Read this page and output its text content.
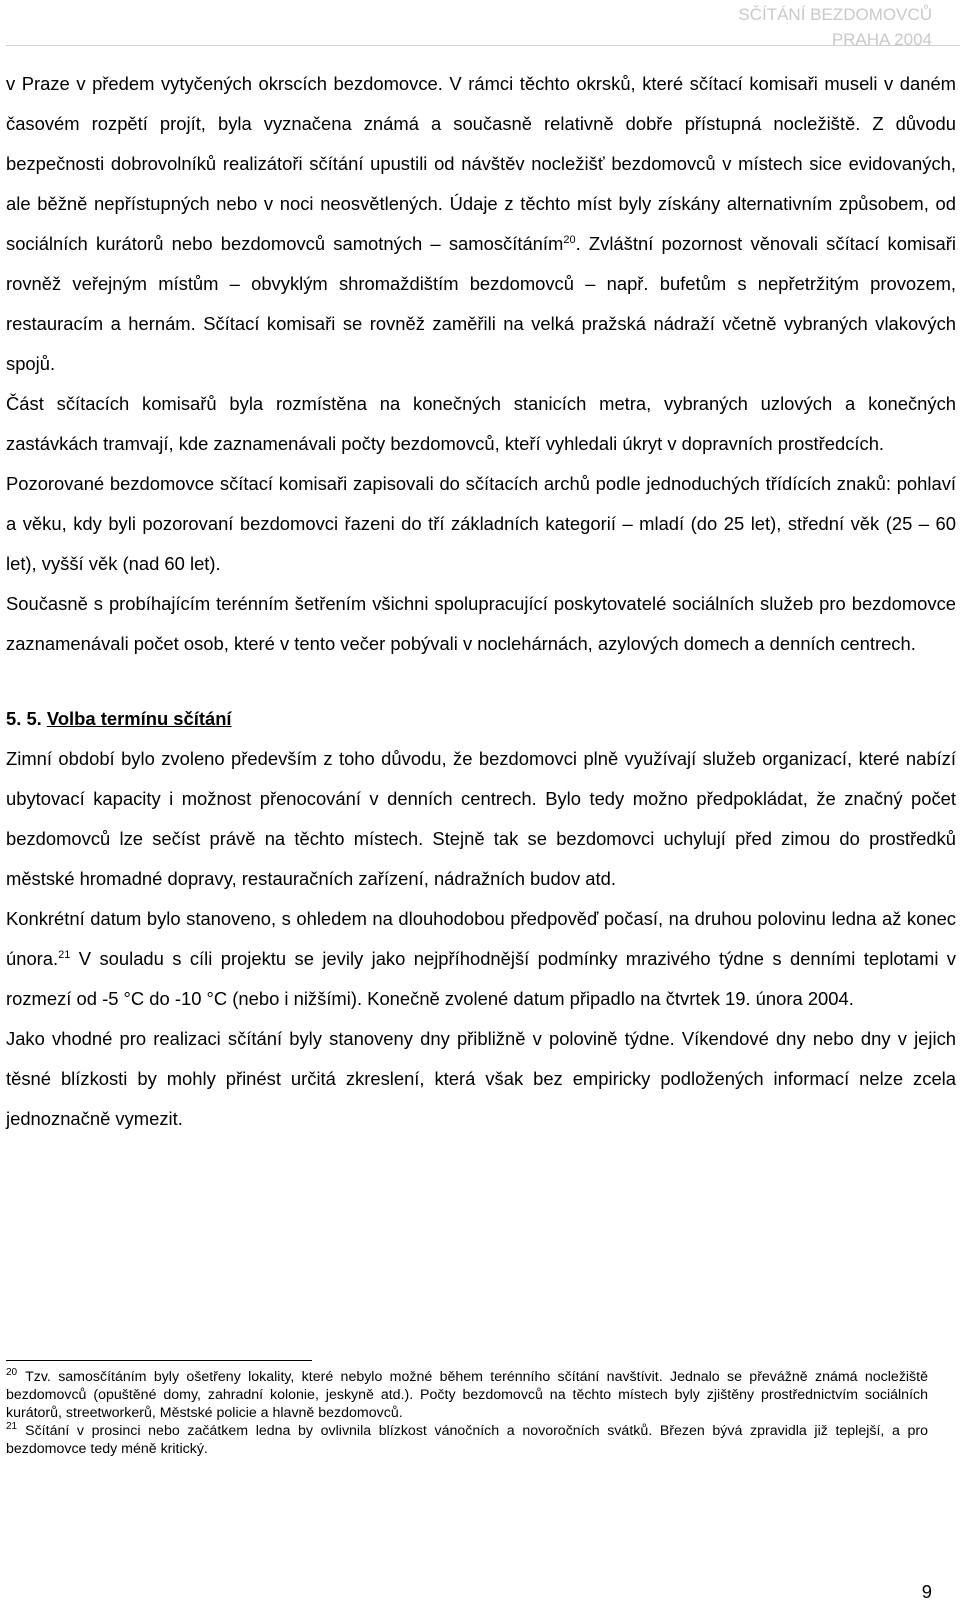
SČÍTÁNÍ BEZDOMOVCŮ
PRAHA 2004

v Praze v předem vytyčených okrscích bezdomovce. V rámci těchto okrsků, které sčítací komisaři museli v daném časovém rozpětí projít, byla vyznačena známá a současně relativně dobře přístupná nocležiště. Z důvodu bezpečnosti dobrovolníků realizátoři sčítání upustili od návštěv nocležišť bezdomovců v místech sice evidovaných, ale běžně nepřístupných nebo v noci neosvětlených. Údaje z těchto míst byly získány alternativním způsobem, od sociálních kurátorů nebo bezdomovců samotných – samosčítáním$^{20}$. Zvláštní pozornost věnovali sčítací komisaři rovněž veřejným místům – obvyklým shromaždištím bezdomovců – např. bufetům s nepřetržitým provozem, restauracím a hernám. Sčítací komisaři se rovněž zaměřili na velká pražská nádraží včetně vybraných vlakových spojů.

Část sčítacích komisařů byla rozmístěna na konečných stanicích metra, vybraných uzlových a konečných zastávkách tramvají, kde zaznamenávali počty bezdomovců, kteří vyhledali úkryt v dopravních prostředcích.

Pozorované bezdomovce sčítací komisaři zapisovali do sčítacích archů podle jednoduchých třídících znaků: pohlaví a věku, kdy byli pozorovaní bezdomovci řazeni do tří základních kategorií – mladí (do 25 let), střední věk (25 – 60 let), vyšší věk (nad 60 let).

Současně s probíhajícím terénním šetřením všichni spolupracující poskytovatelé sociálních služeb pro bezdomovce zaznamenávali počet osob, které v tento večer pobývali v noclehárnách, azylových domech a denních centrech.

5. 5. Volba termínu sčítání

Zimní období bylo zvoleno především z toho důvodu, že bezdomovci plně využívají služeb organizací, které nabízí ubytovací kapacity i možnost přenocování v denních centrech. Bylo tedy možno předpokládat, že značný počet bezdomovců lze sečíst právě na těchto místech. Stejně tak se bezdomovci uchylují před zimou do prostředků městské hromadné dopravy, restauračních zařízení, nádražních budov atd.

Konkrétní datum bylo stanoveno, s ohledem na dlouhodobou předpověď počasí, na druhou polovinu ledna až konec února.$^{21}$ V souladu s cíli projektu se jevily jako nejpříhodnější podmínky mrazivého týdne s denními teplotami v rozmezí od -5 °C do -10 °C (nebo i nižšími). Konečně zvolené datum připadlo na čtvrtek 19. února 2004.

Jako vhodné pro realizaci sčítání byly stanoveny dny přibližně v polovině týdne. Víkendové dny nebo dny v jejich těsné blízkosti by mohly přinést určitá zkreslení, která však bez empiricky podložených informací nelze zcela jednoznačně vymezit.

$^{20}$ Tzv. samosčítáním byly ošetřeny lokality, které nebylo možné během terénního sčítání navštívit. Jednalo se převážně známá nocležiště bezdomovců (opuštěné domy, zahradní kolonie, jeskyně atd.). Počty bezdomovců na těchto místech byly zjištěny prostřednictvím sociálních kurátorů, streetworkerů, Městské policie a hlavně bezdomovců.

$^{21}$ Sčítání v prosinci nebo začátkem ledna by ovlivnila blízkost vánočních a novoročních svátků. Březen bývá zpravidla již teplejší, a pro bezdomovce tedy méně kritický.

9
